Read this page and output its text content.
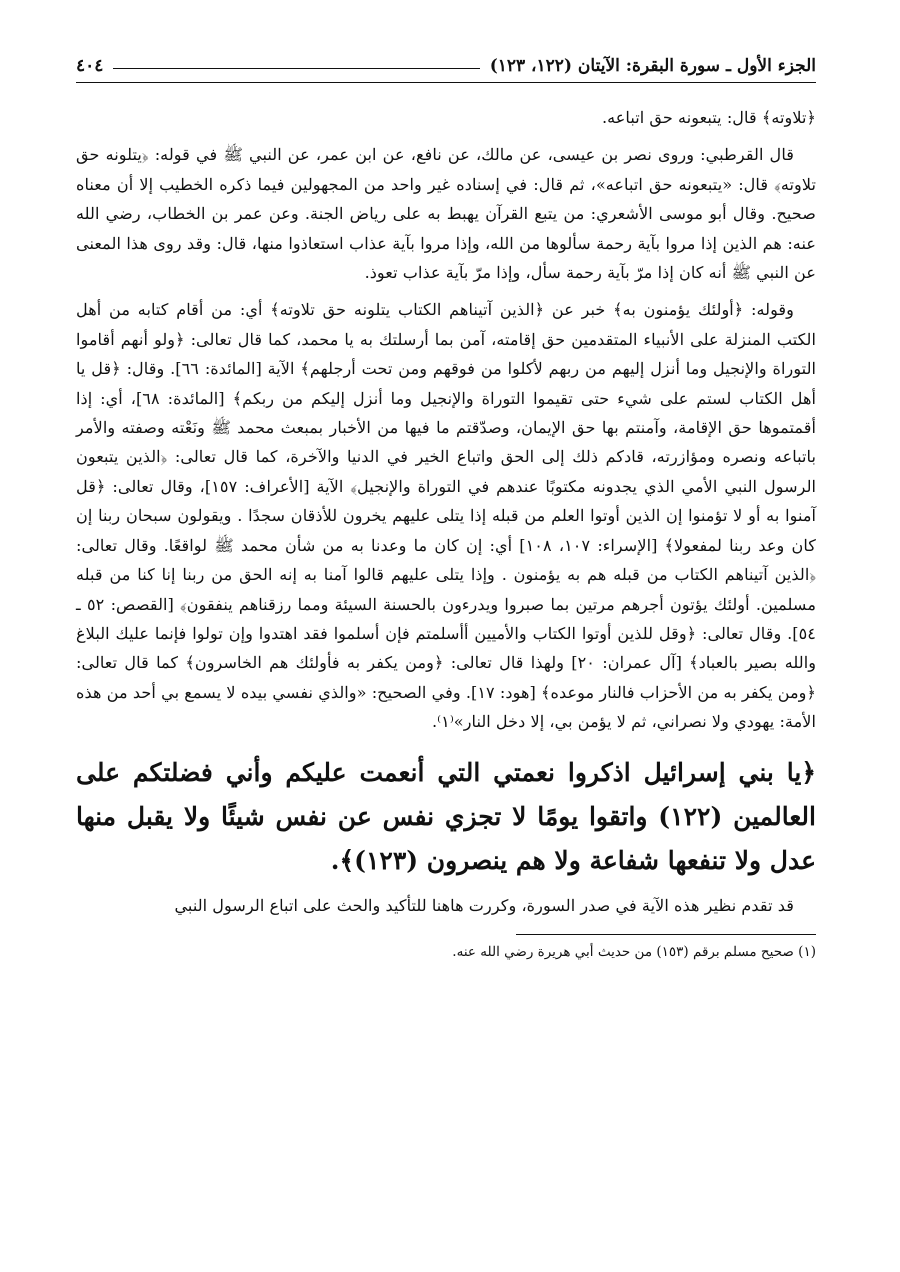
الجزء الأول ـ سورة البقرة: الآيتان (١٢٢، ١٢٣)
٤٠٤

﴿تلاوته﴾ قال: يتبعونه حق اتباعه.

قال القرطبي: وروى نصر بن عيسى، عن مالك، عن نافع، عن ابن عمر، عن النبي ﷺ في قوله: ﴿يتلونه حق تلاوته﴾ قال: «يتبعونه حق اتباعه»، ثم قال: في إسناده غير واحد من المجهولين فيما ذكره الخطيب إلا أن معناه صحيح. وقال أبو موسى الأشعري: من يتبع القرآن يهبط به على رياض الجنة. وعن عمر بن الخطاب، رضي الله عنه: هم الذين إذا مروا بآية رحمة سألوها من الله، وإذا مروا بآية عذاب استعاذوا منها، قال: وقد روى هذا المعنى عن النبي ﷺ أنه كان إذا مرّ بآية رحمة سأل، وإذا مرّ بآية عذاب تعوذ.

وقوله: ﴿أولئك يؤمنون به﴾ خبر عن ﴿الذين آتيناهم الكتاب يتلونه حق تلاوته﴾ أي: من أقام كتابه من أهل الكتب المنزلة على الأنبياء المتقدمين حق إقامته، آمن بما أرسلتك به يا محمد، كما قال تعالى: ﴿ولو أنهم أقاموا التوراة والإنجيل وما أنزل إليهم من ربهم لأكلوا من فوقهم ومن تحت أرجلهم﴾ الآية [المائدة: ٦٦]. وقال: ﴿قل يا أهل الكتاب لستم على شيء حتى تقيموا التوراة والإنجيل وما أنزل إليكم من ربكم﴾ [المائدة: ٦٨]، أي: إذا أقمتموها حق الإقامة، وآمنتم بها حق الإيمان، وصدّقتم ما فيها من الأخبار بمبعث محمد ﷺ ونَعْته وصفته والأمر باتباعه ونصره ومؤازرته، قادكم ذلك إلى الحق واتباع الخير في الدنيا والآخرة، كما قال تعالى: ﴿الذين يتبعون الرسول النبي الأمي الذي يجدونه مكتوبًا عندهم في التوراة والإنجيل﴾ الآية [الأعراف: ١٥٧]، وقال تعالى: ﴿قل آمنوا به أو لا تؤمنوا إن الذين أوتوا العلم من قبله إذا يتلى عليهم يخرون للأذقان سجدًا . ويقولون سبحان ربنا إن كان وعد ربنا لمفعولا﴾ [الإسراء: ١٠٧، ١٠٨] أي: إن كان ما وعدنا به من شأن محمد ﷺ لواقعًا. وقال تعالى: ﴿الذين آتيناهم الكتاب من قبله هم به يؤمنون . وإذا يتلى عليهم قالوا آمنا به إنه الحق من ربنا إنا كنا من قبله مسلمين. أولئك يؤتون أجرهم مرتين بما صبروا ويدرءون بالحسنة السيئة ومما رزقناهم ينفقون﴾ [القصص: ٥٢ ـ ٥٤]. وقال تعالى: ﴿وقل للذين أوتوا الكتاب والأميين أأسلمتم فإن أسلموا فقد اهتدوا وإن تولوا فإنما عليك البلاغ والله بصير بالعباد﴾ [آل عمران: ٢٠] ولهذا قال تعالى: ﴿ومن يكفر به فأولئك هم الخاسرون﴾ كما قال تعالى: ﴿ومن يكفر به من الأحزاب فالنار موعده﴾ [هود: ١٧]. وفي الصحيح: «والذي نفسي بيده لا يسمع بي أحد من هذه الأمة: يهودي ولا نصراني، ثم لا يؤمن بي، إلا دخل النار»⁽١⁾.

﴿يا بني إسرائيل اذكروا نعمتي التي أنعمت عليكم وأني فضلتكم على العالمين (١٢٢) واتقوا يومًا لا تجزي نفس عن نفس شيئًا ولا يقبل منها عدل ولا تنفعها شفاعة ولا هم ينصرون (١٢٣)﴾.

قد تقدم نظير هذه الآية في صدر السورة، وكررت هاهنا للتأكيد والحث على اتباع الرسول النبي

(١) صحيح مسلم برقم (١٥٣) من حديث أبي هريرة رضي الله عنه.
